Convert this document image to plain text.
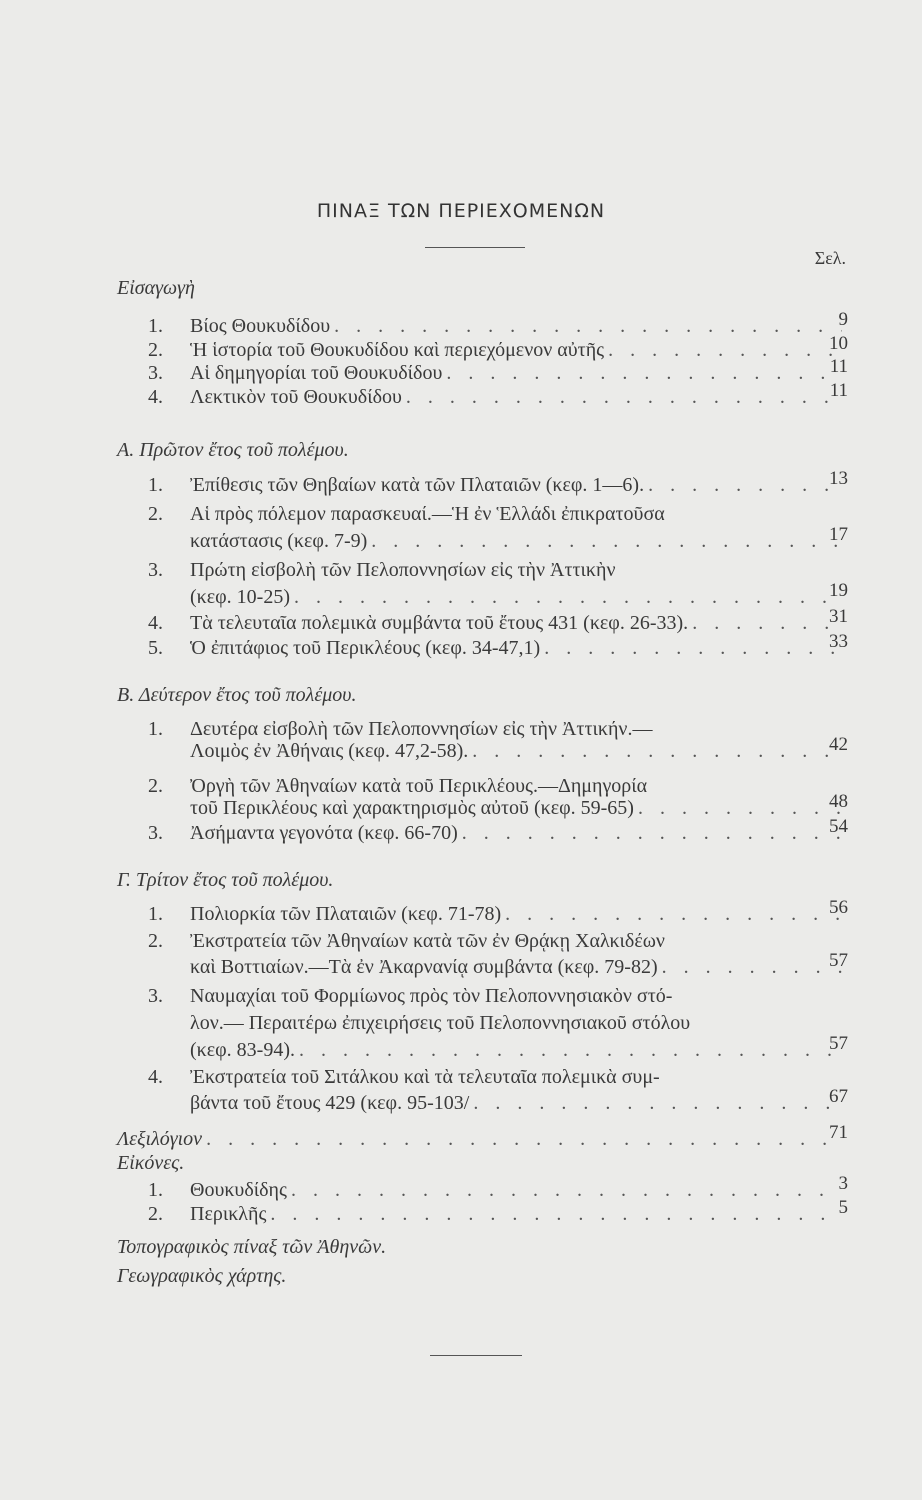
ΠΙΝΑΞ ΤΩΝ ΠΕΡΙΕΧΟΜΕΝΩΝ
Σελ.
Εἰσαγωγὴ
1. Βίος Θουκυδίδου . . .	9
2. Ἡ ἱστορία τοῦ Θουκυδίδου καὶ περιεχόμενον αὐτῆς . . .	10
3. Αἱ δημηγορίαι τοῦ Θουκυδίδου . . .	11
4. Λεκτικὸν τοῦ Θουκυδίδου . . .	11
Α. Πρῶτον ἔτος τοῦ πολέμου.
1. Ἐπίθεσις τῶν Θηβαίων κατὰ τῶν Πλαταιῶν (κεφ. 1—6). . . .	13
2. Αἱ πρὸς πόλεμον παρασκευαί.—Ἡ ἐν Ἑλλάδι ἐπικρατοῦσα
κατάστασις (κεφ. 7-9) . . .	17
3. Πρώτη εἰσβολὴ τῶν Πελοποννησίων εἰς τὴν Ἀττικὴν
(κεφ. 10-25) . . .	19
4. Τὰ τελευταῖα πολεμικὰ συμβάντα τοῦ ἔτους 431 (κεφ. 26-33). . . .	31
5. Ὁ ἐπιτάφιος τοῦ Περικλέους (κεφ. 34-47,1) . . .	33
Β. Δεύτερον ἔτος τοῦ πολέμου.
1. Δευτέρα εἰσβολὴ τῶν Πελοποννησίων εἰς τὴν Ἀττικήν.—
Λοιμὸς ἐν Ἀθήναις (κεφ. 47,2-58). . . .	42
2. Ὀργὴ τῶν Ἀθηναίων κατὰ τοῦ Περικλέους.—Δημηγορία
τοῦ Περικλέους καὶ χαρακτηρισμὸς αὐτοῦ (κεφ. 59-65) . . .	48
3. Ἀσήμαντα γεγονότα (κεφ. 66-70) . . .	54
Γ. Τρίτον ἔτος τοῦ πολέμου.
1. Πολιορκία τῶν Πλαταιῶν (κεφ. 71-78) . . .	56
2. Ἐκστρατεία τῶν Ἀθηναίων κατὰ τῶν ἐν Θρᾴκῃ Χαλκιδέων
καὶ Βοττιαίων.—Τὰ ἐν Ἀκαρνανίᾳ συμβάντα (κεφ. 79-82) . . .	57
3. Ναυμαχίαι τοῦ Φορμίωνος πρὸς τὸν Πελοποννησιακὸν στό-
λον.— Περαιτέρω ἐπιχειρήσεις τοῦ Πελοποννησιακοῦ στόλου
(κεφ. 83-94). . . .	57
4. Ἐκστρατεία τοῦ Σιτάλκου καὶ τὰ τελευταῖα πολεμικὰ συμ-
βάντα τοῦ ἔτους 429 (κεφ. 95-103/ . . .	67
Λεξιλόγιον . . .	71
Εἰκόνες.
1. Θουκυδίδης . . .	3
2. Περικλῆς . . .	5
Τοπογραφικὸς πίναξ τῶν Ἀθηνῶν.
Γεωγραφικὸς χάρτης.
